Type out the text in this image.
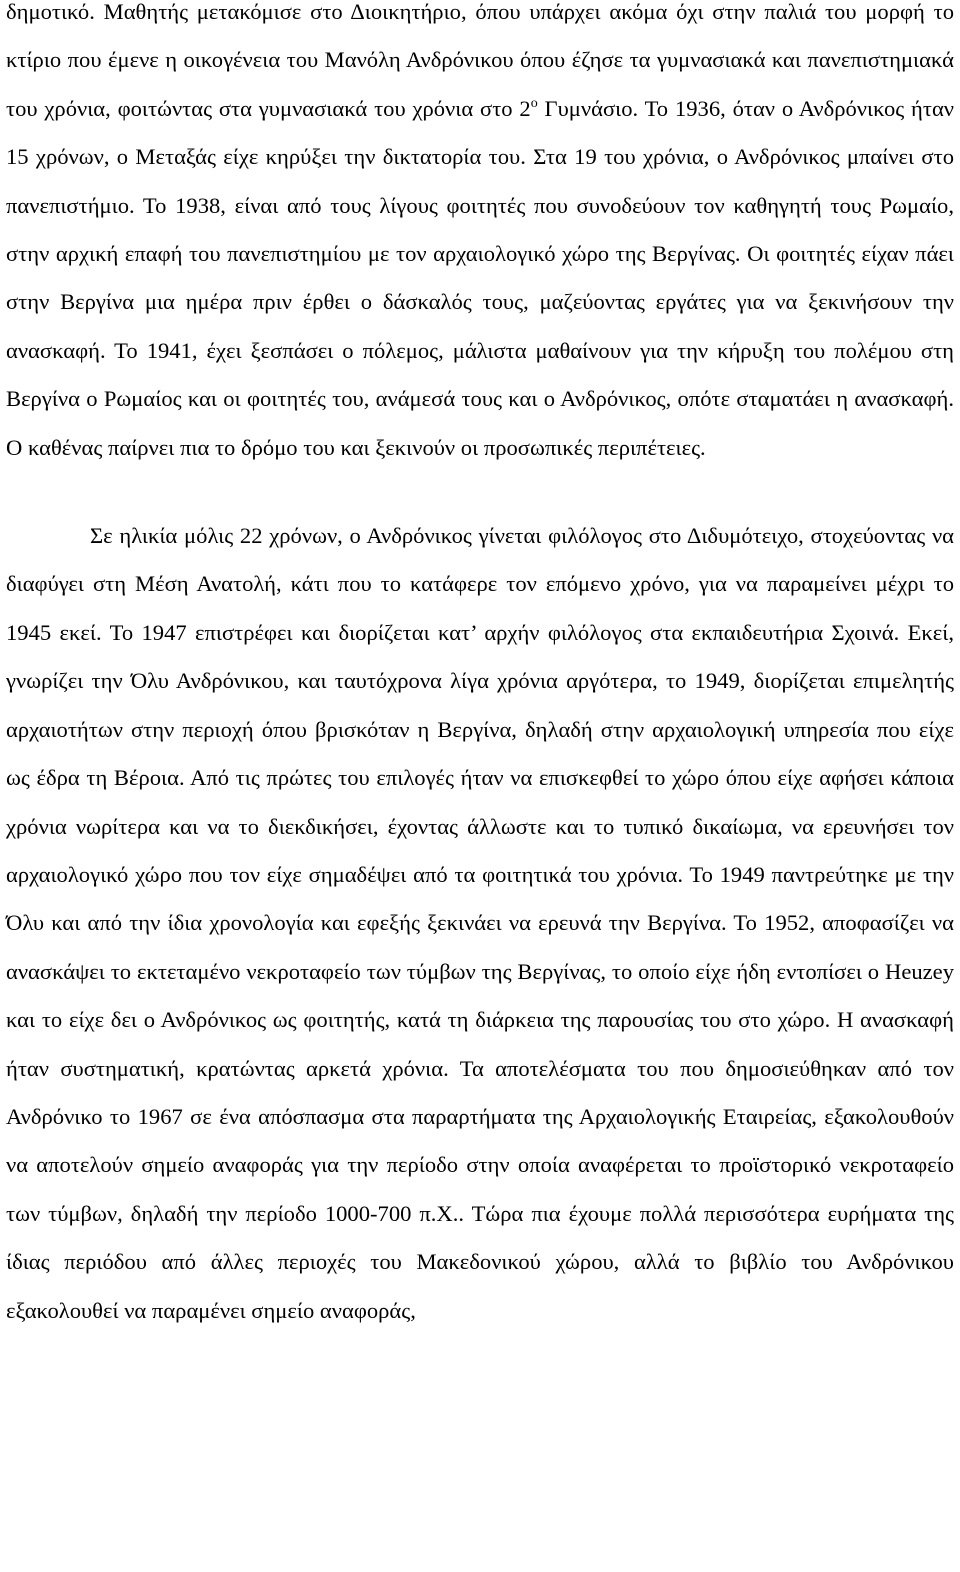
δημοτικό. Μαθητής μετακόμισε στο Διοικητήριο, όπου υπάρχει ακόμα όχι στην παλιά του μορφή το κτίριο που έμενε η οικογένεια του Μανόλη Ανδρόνικου όπου έζησε τα γυμνασιακά και πανεπιστημιακά του χρόνια, φοιτώντας στα γυμνασιακά του χρόνια στο $2^o$ Γυμνάσιο. Το 1936, όταν ο Ανδρόνικος ήταν 15 χρόνων, ο Μεταξάς είχε κηρύξει την δικτατορία του. Στα 19 του χρόνια, ο Ανδρόνικος μπαίνει στο πανεπιστήμιο. Το 1938, είναι από τους λίγους φοιτητές που συνοδεύουν τον καθηγητή τους Ρωμαίο, στην αρχική επαφή του πανεπιστημίου με τον αρχαιολογικό χώρο της Βεργίνας. Οι φοιτητές είχαν πάει στην Βεργίνα μια ημέρα πριν έρθει ο δάσκαλός τους, μαζεύοντας εργάτες για να ξεκινήσουν την ανασκαφή. Το 1941, έχει ξεσπάσει ο πόλεμος, μάλιστα μαθαίνουν για την κήρυξη του πολέμου στη Βεργίνα ο Ρωμαίος και οι φοιτητές του, ανάμεσά τους και ο Ανδρόνικος, οπότε σταματάει η ανασκαφή. Ο καθένας παίρνει πια το δρόμο του και ξεκινούν οι προσωπικές περιπέτειες.

Σε ηλικία μόλις 22 χρόνων, ο Ανδρόνικος γίνεται φιλόλογος στο Διδυμότειχο, στοχεύοντας να διαφύγει στη Μέση Ανατολή, κάτι που το κατάφερε τον επόμενο χρόνο, για να παραμείνει μέχρι το 1945 εκεί. Το 1947 επιστρέφει και διορίζεται κατ’ αρχήν φιλόλογος στα εκπαιδευτήρια Σχοινά. Εκεί, γνωρίζει την Όλυ Ανδρόνικου, και ταυτόχρονα λίγα χρόνια αργότερα, το 1949, διορίζεται επιμελητής αρχαιοτήτων στην περιοχή όπου βρισκόταν η Βεργίνα, δηλαδή στην αρχαιολογική υπηρεσία που είχε ως έδρα τη Βέροια. Από τις πρώτες του επιλογές ήταν να επισκεφθεί το χώρο όπου είχε αφήσει κάποια χρόνια νωρίτερα και να το διεκδικήσει, έχοντας άλλωστε και το τυπικό δικαίωμα, να ερευνήσει τον αρχαιολογικό χώρο που τον είχε σημαδέψει από τα φοιτητικά του χρόνια. Το 1949 παντρεύτηκε με την Όλυ και από την ίδια χρονολογία και εφεξής ξεκινάει να ερευνά την Βεργίνα. Το 1952, αποφασίζει να ανασκάψει το εκτεταμένο νεκροταφείο των τύμβων της Βεργίνας, το οποίο είχε ήδη εντοπίσει ο Heuzey και το είχε δει ο Ανδρόνικος ως φοιτητής, κατά τη διάρκεια της παρουσίας του στο χώρο. Η ανασκαφή ήταν συστηματική, κρατώντας αρκετά χρόνια. Τα αποτελέσματα του που δημοσιεύθηκαν από τον Ανδρόνικο το 1967 σε ένα απόσπασμα στα παραρτήματα της Αρχαιολογικής Εταιρείας, εξακολουθούν να αποτελούν σημείο αναφοράς για την περίοδο στην οποία αναφέρεται το προϊστορικό νεκροταφείο των τύμβων, δηλαδή την περίοδο 1000-700 π.Χ.. Τώρα πια έχουμε πολλά περισσότερα ευρήματα της ίδιας περιόδου από άλλες περιοχές του Μακεδονικού χώρου, αλλά το βιβλίο του Ανδρόνικου εξακολουθεί να παραμένει σημείο αναφοράς,
